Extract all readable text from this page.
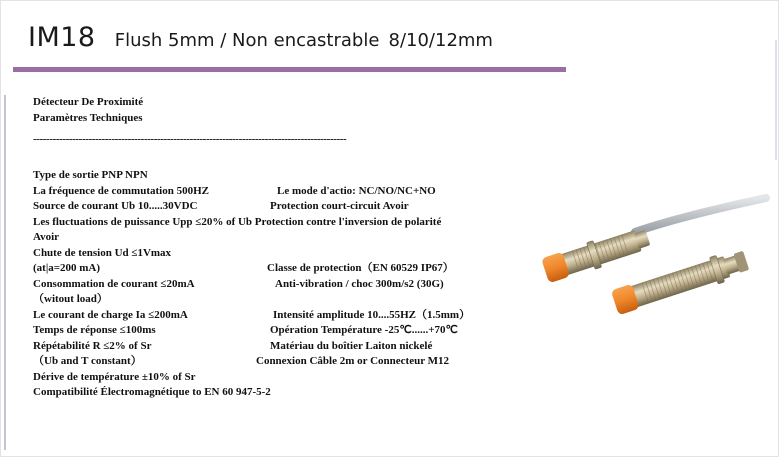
IM18 Flush 5mm / Non encastrable 8/10/12mm
Détecteur De Proximité
Paramètres Techniques
------------------------------------------------------------------------------------------------
Type de sortie PNP NPN
La fréquence de commutation 500HZ	Le mode d'actio: NC/NO/NC+NO
Source de courant Ub 10.....30VDC	Protection court-circuit Avoir
Les fluctuations de puissance Upp ≤20% of Ub Protection contre l'inversion de polarité
Avoir
Chute de tension Ud ≤1Vmax
(at|a=200 mA)	Classe de protection（EN 60529 IP67）
Consommation de courant ≤20mA	Anti-vibration / choc 300m/s2 (30G)
（witout load）
Le courant de charge Ia ≤200mA	Intensité amplitude 10....55HZ（1.5mm）
Temps de réponse ≤100ms	Opération Température -25℃......+70℃
Répétabilité R ≤2% of Sr	Matériau du boîtier Laiton nickelé
（Ub and T constant）	Connexion Câble 2m or Connecteur M12
Dérive de température ±10% of Sr
Compatibilité Électromagnétique to EN 60 947-5-2
